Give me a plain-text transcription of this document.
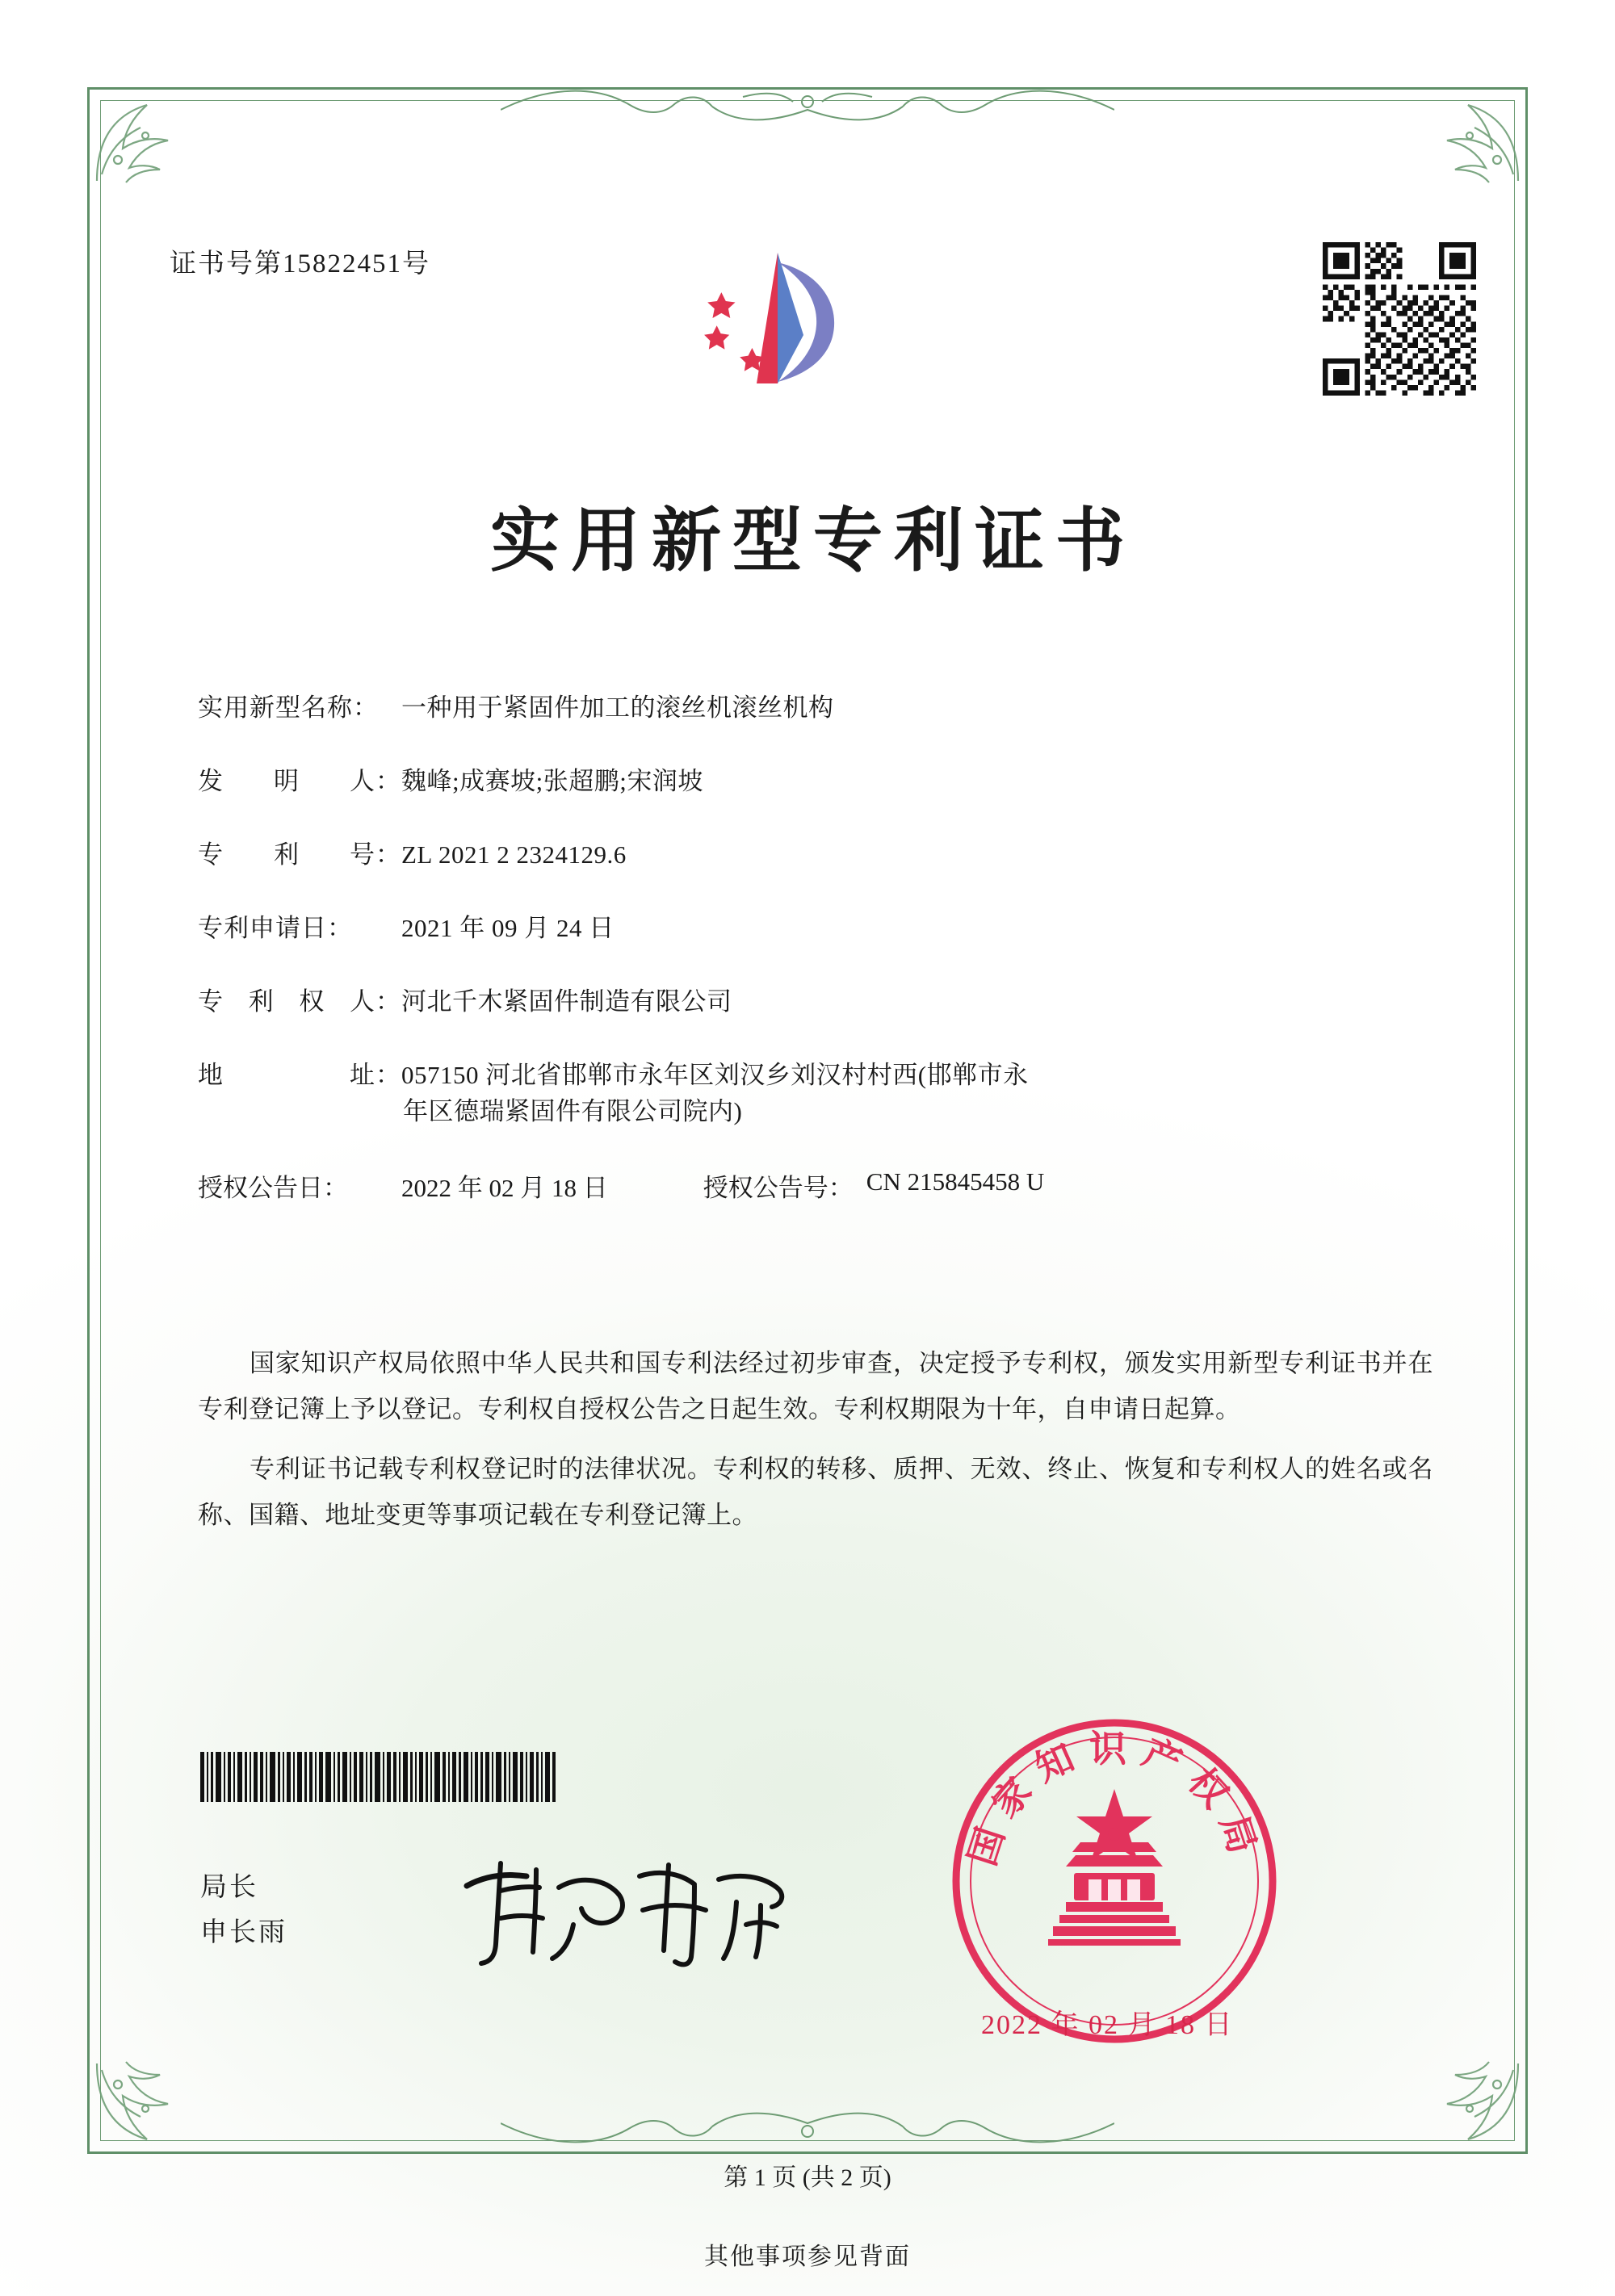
证书号第15822451号
实用新型专利证书
实用新型名称： 一种用于紧固件加工的滚丝机滚丝机构
发 明 人： 魏峰;成赛坡;张超鹏;宋润坡
专 利 号： ZL 2021 2 2324129.6
专利申请日：	2021 年 09 月 24 日
专 利 权 人： 河北千木紧固件制造有限公司
地	址： 057150 河北省邯郸市永年区刘汉乡刘汉村村西(邯郸市永
年区德瑞紧固件有限公司院内)
授权公告日：	2022 年 02 月 18 日	授权公告号： CN 215845458 U

国家知识产权局依照中华人民共和国专利法经过初步审查，决定授予专利权，颁发实用新型专利证书并在专利登记簿上予以登记。专利权自授权公告之日起生效。专利权期限为十年，自申请日起算。

专利证书记载专利权登记时的法律状况。专利权的转移、质押、无效、终止、恢复和专利权人的姓名或名称、国籍、地址变更等事项记载在专利登记簿上。

局长
申长雨
国家知识产权局
2022 年 02 月 18 日
第 1 页 (共 2 页)
其他事项参见背面
